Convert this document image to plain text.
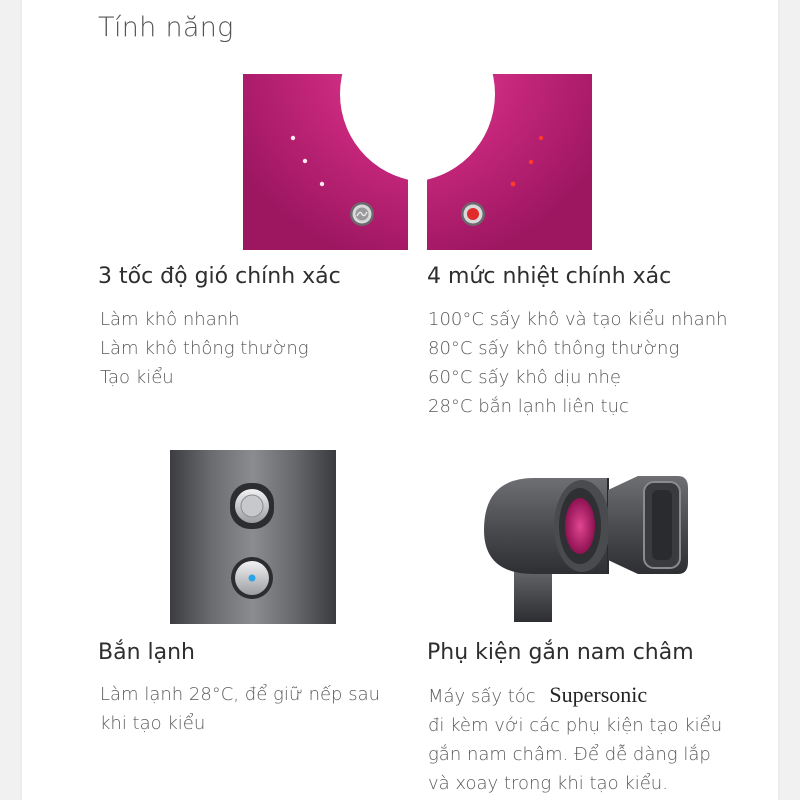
Tính năng
3 tốc độ gió chính xác	4 mức nhiệt chính xác
Làm khô nhanh
Làm khô thông thường
Tạo kiểu
100°C sấy khô và tạo kiểu nhanh
80°C sấy khô thông thường
60°C sấy khô dịu nhẹ
28°C bắn lạnh liên tục
Bắn lạnh	Phụ kiện gắn nam châm
Làm lạnh 28°C, để giữ nếp sau
khi tạo kiểu
Máy sấy tóc Supersonic
đi kèm với các phụ kiện tạo kiểu
gắn nam châm. Để dễ dàng lắp
và xoay trong khi tạo kiểu.
